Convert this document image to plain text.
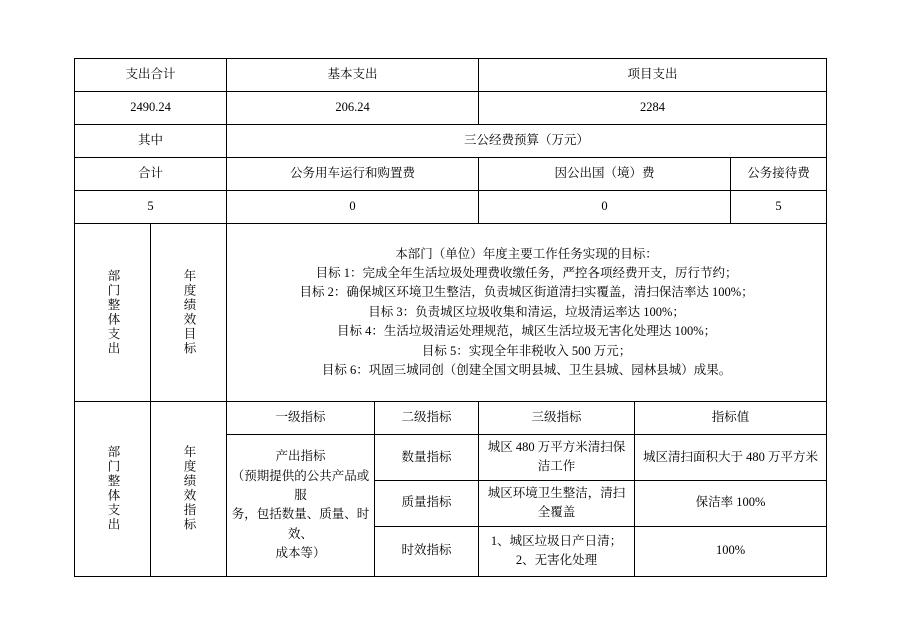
支出合计		基本支出		项目支出		
2490.24		206.24		2284		
其中		三公经费预算（万元）				
合计		公务用车运行和购置费		因公出国（境）费		公务接待费
5		0		0		5

部门整体支出	年度绩效目标

本部门（单位）年度主要工作任务实现的目标：
目标 1：完成全年生活垃圾处理费收缴任务，严控各项经费开支，厉行节约；
目标 2：确保城区环境卫生整洁，负责城区街道清扫实覆盖，清扫保洁率达 100%；
目标 3：负责城区垃圾收集和清运，垃圾清运率达 100%；
目标 4：生活垃圾清运处理规范，城区生活垃圾无害化处理达 100%；
目标 5：实现全年非税收入 500 万元；
目标 6：巩固三城同创（创建全国文明县城、卫生县城、园林县城）成果。

部门整体支出	年度绩效指标	一级指标	二级指标	三级指标	指标值	

		产出指标
（预期提供的公共产品或服
务，包括数量、质量、时效、
成本等）	数量指标	城区 480 万平方米清扫保洁工作	城区清扫面积大于 480 万平方米	
			质量指标	城区环境卫生整洁，清扫全覆盖	保洁率 100%	
			时效指标	1、城区垃圾日产日清；
2、无害化处理	100%	
